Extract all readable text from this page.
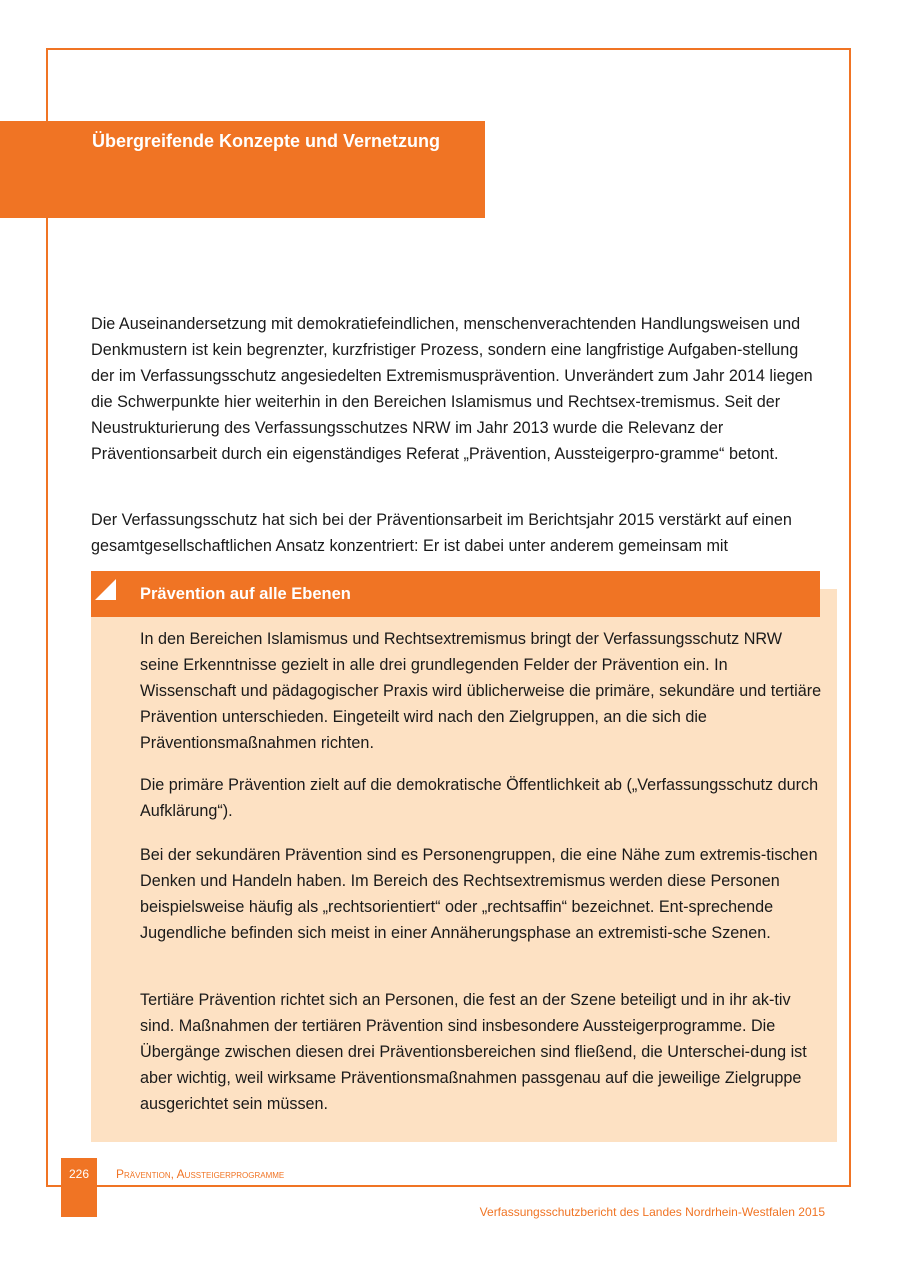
Übergreifende Konzepte und Vernetzung

Die Auseinandersetzung mit demokratiefeindlichen, menschenverachtenden Handlungsweisen und Denkmustern ist kein begrenzter, kurzfristiger Prozess, sondern eine langfristige Aufgaben-stellung der im Verfassungsschutz angesiedelten Extremismusprävention. Unverändert zum Jahr 2014 liegen die Schwerpunkte hier weiterhin in den Bereichen Islamismus und Rechtsex-tremismus. Seit der Neustrukturierung des Verfassungsschutzes NRW im Jahr 2013 wurde die Relevanz der Präventionsarbeit durch ein eigenständiges Referat „Prävention, Aussteigerpro-gramme“ betont.

Der Verfassungsschutz hat sich bei der Präventionsarbeit im Berichtsjahr 2015 verstärkt auf einen gesamtgesellschaftlichen Ansatz konzentriert: Er ist dabei unter anderem gemeinsam mit

Prävention auf alle Ebenen

In den Bereichen Islamismus und Rechtsextremismus bringt der Verfassungsschutz NRW seine Erkenntnisse gezielt in alle drei grundlegenden Felder der Prävention ein. In Wissenschaft und pädagogischer Praxis wird üblicherweise die primäre, sekundäre und tertiäre Prävention unterschieden. Eingeteilt wird nach den Zielgruppen, an die sich die Präventionsmaßnahmen richten.

Die primäre Prävention zielt auf die demokratische Öffentlichkeit ab („Verfassungsschutz durch Aufklärung“).

Bei der sekundären Prävention sind es Personengruppen, die eine Nähe zum extremis-tischen Denken und Handeln haben. Im Bereich des Rechtsextremismus werden diese Personen beispielsweise häufig als „rechtsorientiert“ oder „rechtsaffin“ bezeichnet. Ent-sprechende Jugendliche befinden sich meist in einer Annäherungsphase an extremisti-sche Szenen.

Tertiäre Prävention richtet sich an Personen, die fest an der Szene beteiligt und in ihr ak-tiv sind. Maßnahmen der tertiären Prävention sind insbesondere Aussteigerprogramme. Die Übergänge zwischen diesen drei Präventionsbereichen sind fließend, die Unterschei-dung ist aber wichtig, weil wirksame Präventionsmaßnahmen passgenau auf die jeweilige Zielgruppe ausgerichtet sein müssen.

226	Prävention, Aussteigerprogramme
Verfassungsschutzbericht des Landes Nordrhein-Westfalen 2015
